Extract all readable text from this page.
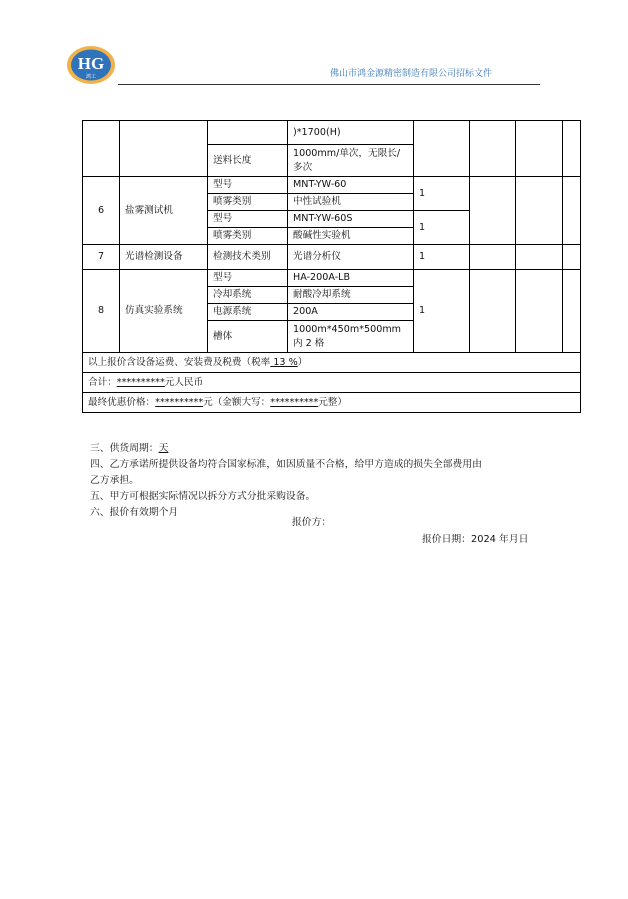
HG
鸿工	佛山市鸿金源精密制造有限公司招标文件
			)*1700(H)				
		送料长度	1000mm/单次，无限长/
多次				

6	盐雾测试机	型号	MNT-YW-60	1			
		喷雾类别	中性试验机				
		型号	MNT-YW-60S	1			
		喷雾类别	酸碱性实验机				
7	光谱检测设备	检测技术类别	光谱分析仪	1			
8	仿真实验系统	型号	HA-200A-LB	1			
		冷却系统	耐酸冷却系统				
		电源系统	200A				
		槽体	1000m*450m*500mm
内 2 格				

以上报价含设备运费、安装费及税费（税率 13 %）							
合计：**********元人民币							
最终优惠价格：**********元（金额大写：**********元整）							
三、供货周期：天
四、乙方承诺所提供设备均符合国家标准，如因质量不合格，给甲方造成的损失全部费用由
乙方承担。
五、甲方可根据实际情况以拆分方式分批采购设备。
六、报价有效期个月
报价方：
报价日期：2024 年月日
